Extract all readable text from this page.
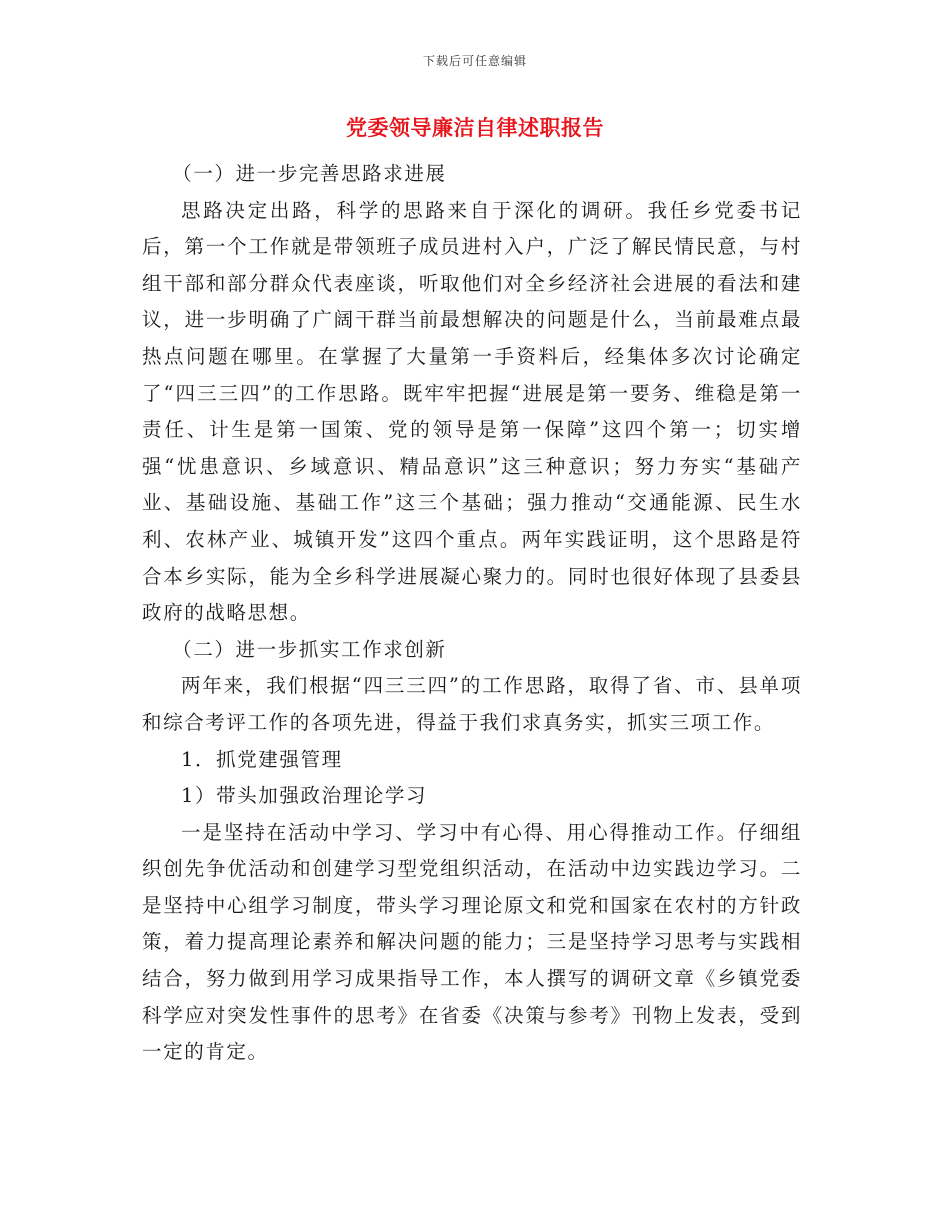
下载后可任意编辑
党委领导廉洁自律述职报告

（一）进一步完善思路求进展

思路决定出路，科学的思路来自于深化的调研。我任乡党委书记后，第一个工作就是带领班子成员进村入户，广泛了解民情民意，与村组干部和部分群众代表座谈，听取他们对全乡经济社会进展的看法和建议，进一步明确了广阔干群当前最想解决的问题是什么，当前最难点最热点问题在哪里。在掌握了大量第一手资料后，经集体多次讨论确定了“四三三四”的工作思路。既牢牢把握“进展是第一要务、维稳是第一责任、计生是第一国策、党的领导是第一保障”这四个第一；切实增强“忧患意识、乡域意识、精品意识”这三种意识；努力夯实“基础产业、基础设施、基础工作”这三个基础；强力推动“交通能源、民生水利、农林产业、城镇开发”这四个重点。两年实践证明，这个思路是符合本乡实际，能为全乡科学进展凝心聚力的。同时也很好体现了县委县政府的战略思想。

（二）进一步抓实工作求创新

两年来，我们根据“四三三四”的工作思路，取得了省、市、县单项和综合考评工作的各项先进，得益于我们求真务实，抓实三项工作。

1．抓党建强管理

1）带头加强政治理论学习

一是坚持在活动中学习、学习中有心得、用心得推动工作。仔细组织创先争优活动和创建学习型党组织活动，在活动中边实践边学习。二是坚持中心组学习制度，带头学习理论原文和党和国家在农村的方针政策，着力提高理论素养和解决问题的能力；三是坚持学习思考与实践相结合，努力做到用学习成果指导工作，本人撰写的调研文章《乡镇党委科学应对突发性事件的思考》在省委《决策与参考》刊物上发表，受到一定的肯定。
